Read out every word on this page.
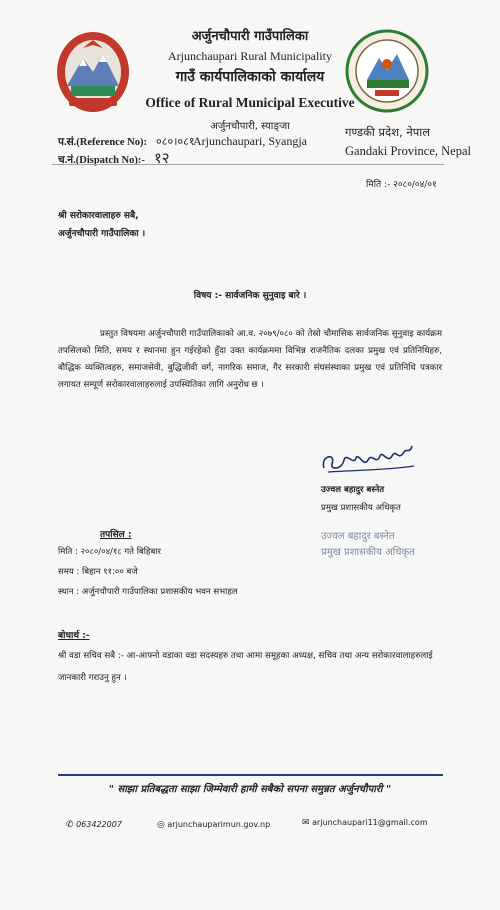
अर्जुनचौपारी गाउँपालिका
Arjunchaupari Rural Municipality
गाउँ कार्यपालिकाको कार्यालय
Office of Rural Municipal Executive
अर्जुनचौपारी, स्याङ्जा
Arjunchaupari, Syangja
प.सं.(Reference No): ०८०।०८१
च.नं.(Dispatch No):- १२
गण्डकी प्रदेश, नेपाल
Gandaki Province, Nepal
मिति :- २०८०/०४/०१
श्री सरोकारवालाहरु सबै,
अर्जुनचौपारी गाउँपालिका ।
विषय :- सार्वजनिक सुनुवाइ बारे ।

प्रस्तुत विषयमा अर्जुनचौपारी गाउँपालिकाको आ.व. २०७९/०८० को तेस्रो चौमासिक सार्वजनिक सुनुवाइ कार्यक्रम तपसिलको मिति, समय र स्थानमा हुन गईरहेको हुँदा उक्त कार्यक्रममा विभिन्न राजनैतिक दलका प्रमुख एवं प्रतिनिधिहरु, बौद्धिक व्यक्तित्वहरु, समाजसेवी, बुद्धिजीवी वर्ग, नागरिक समाज, गैर सरकारी संघसंस्थाका प्रमुख एवं प्रतिनिधि पत्रकार लगायत सम्पूर्ण सरोकारवालाहरुलाई उपस्थितिका लागि अनुरोध छ ।

उज्वल बहादुर बस्नेत
प्रमुख प्रशासकीय अधिकृत
उज्वल बहादुर बस्नेत
प्रमुख प्रशासकीय अधिकृत
तपसिल :
मिति : २०८०/०४/१८ गते बिहिबार
समय : बिहान ११:०० बजे
स्थान : अर्जुनचौपारी गाउँपालिका प्रशासकीय भवन सभाहल
बोधार्थ :-

श्री वडा सचिव सबै :- आ-आफ्नो वडाका वडा सदस्यहरु तथा आमा समूहका अध्यक्ष, सचिव तथा अन्य सरोकारवालाहरुलाई जानकारी गराउनु हुन ।

" साझा प्रतिबद्धता साझा जिम्मेवारी हामी सबैको सपना समुन्नत अर्जुनचौपारी "
✆ 063422007	◎ arjunchauparimun.gov.np	✉ arjunchaupari11@gmail.com
